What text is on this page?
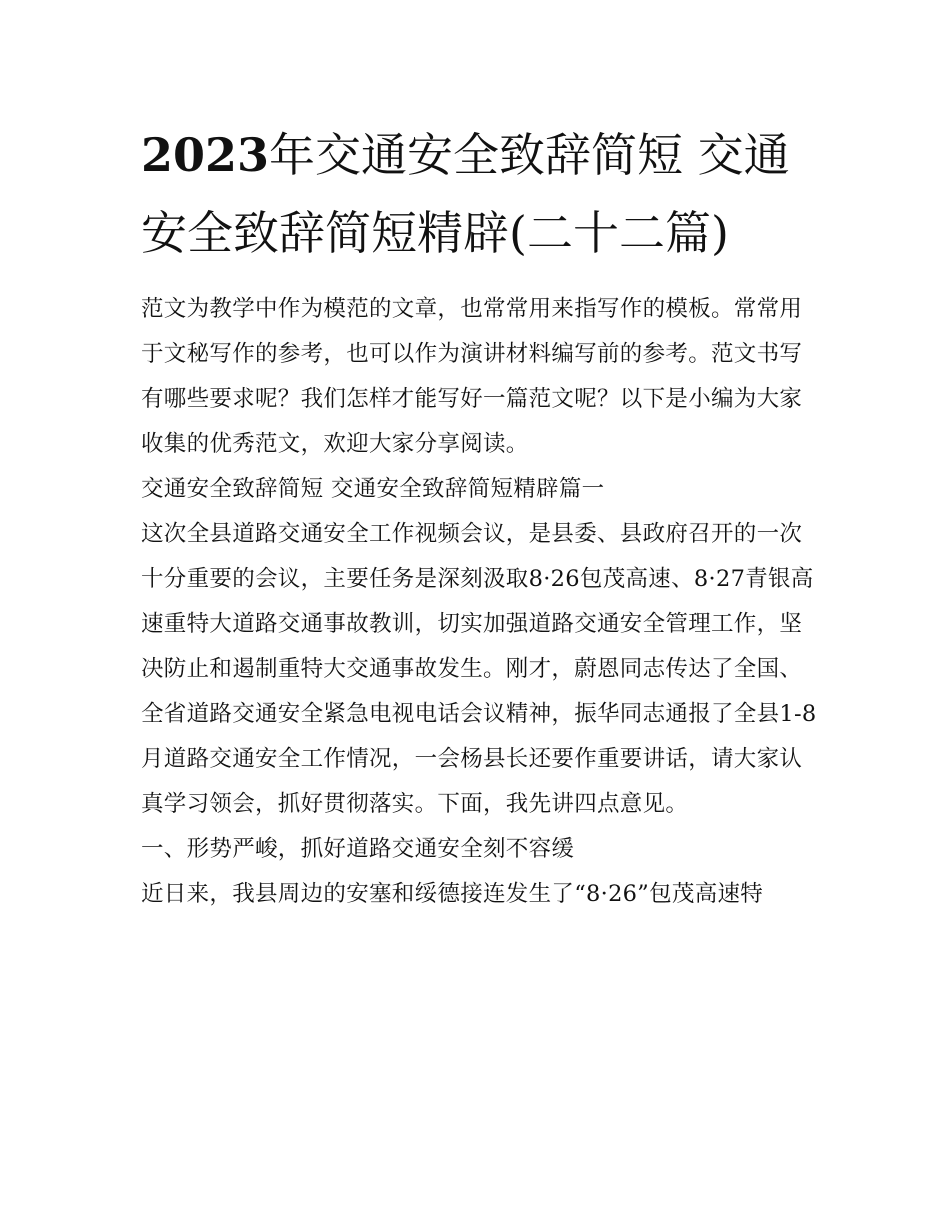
2023年交通安全致辞简短 交通安全致辞简短精辟(二十二篇)

范文为教学中作为模范的文章，也常常用来指写作的模板。常常用于文秘写作的参考，也可以作为演讲材料编写前的参考。范文书写有哪些要求呢？我们怎样才能写好一篇范文呢？以下是小编为大家收集的优秀范文，欢迎大家分享阅读。

交通安全致辞简短 交通安全致辞简短精辟篇一

这次全县道路交通安全工作视频会议，是县委、县政府召开的一次十分重要的会议，主要任务是深刻汲取8·26包茂高速、8·27青银高速重特大道路交通事故教训，切实加强道路交通安全管理工作，坚决防止和遏制重特大交通事故发生。刚才，蔚恩同志传达了全国、全省道路交通安全紧急电视电话会议精神，振华同志通报了全县1-8月道路交通安全工作情况，一会杨县长还要作重要讲话，请大家认真学习领会，抓好贯彻落实。下面，我先讲四点意见。

一、形势严峻，抓好道路交通安全刻不容缓

近日来，我县周边的安塞和绥德接连发生了“8·26”包茂高速特
